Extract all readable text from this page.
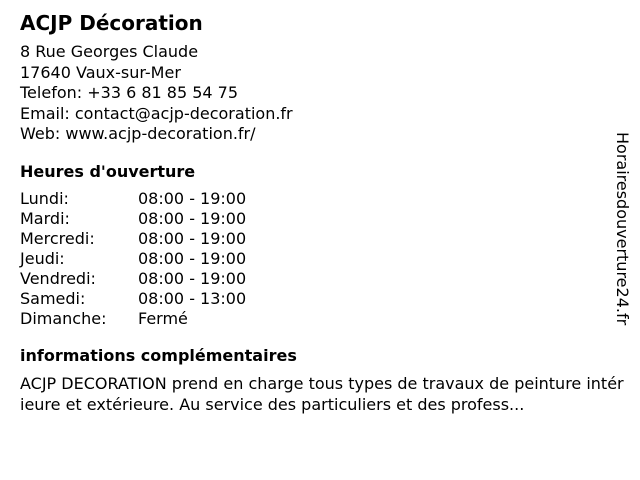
ACJP Décoration
8 Rue Georges Claude
17640 Vaux-sur-Mer
Telefon: +33 6 81 85 54 75
Email: contact@acjp-decoration.fr
Web: www.acjp-decoration.fr/
Heures d'ouverture
Lundi:	08:00 - 19:00
Mardi:	08:00 - 19:00
Mercredi:	08:00 - 19:00
Jeudi:	08:00 - 19:00
Vendredi:	08:00 - 19:00
Samedi:	08:00 - 13:00
Dimanche:	Fermé
informations complémentaires
ACJP DECORATION prend en charge tous types de travaux de peinture intérieure et extérieure. Au service des particuliers et des profess...
Horairesdouverture24.fr
